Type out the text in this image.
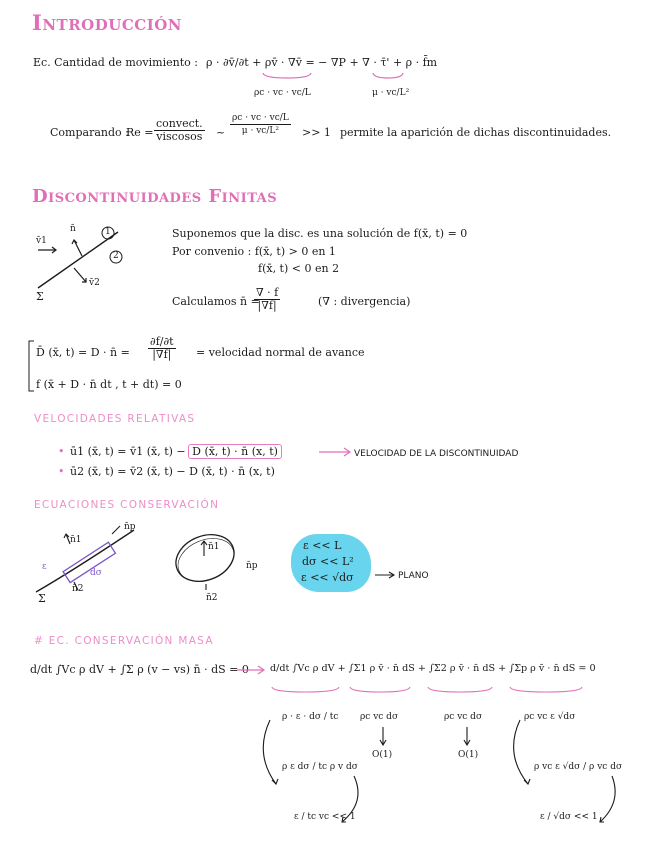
Introducción
Ec. Cantidad de movimiento : ρ · ∂v̄/∂t + ρv̄ · ∇v̄ = − ∇P + ∇ · τ̄' + ρ · f̄m
ρc · vc · vc/L	μ · vc/L²
Comparando :
$Re = \frac{\text{convect.}}{\text{viscosos}}$ ~ $\frac{\rho c \cdot vc \cdot vc/L}{\text{μ · vc/L²}} >> 1$ permite la aparición de dichas discontinuidades.
Discontinuidades Finitas
v̄1
n̄	1
2
v̄2
Σ
Suponemos que la disc. es una solución de f(x̄, t) = 0
Por convenio : f(x̄, t) > 0 en 1
f(x̄, t) < 0 en 2
Calculamos n̄ =
$\frac{\nabla \cdot f}{|\nabla f|}$	(∇ : divergencia)
D̄ (x̄, t) = D · n̄ = $\frac{\partial f/\partial t}{|\nabla f|}$ = velocidad normal de avance
f (x̄ + D · n̄ dt , t + dt) = 0
VELOCIDADES RELATIVAS
• ū1 (x̄, t) = v̄1 (x̄, t) − D (x̄, t) · n̄ (x, t)	VELOCIDAD DE LA DISCONTINUIDAD
• ū2 (x̄, t) = v̄2 (x̄, t) − D (x̄, t) · n̄ (x, t)
ECUACIONES CONSERVACIÓN
n̄p
n̄1
ε
dσ
n̄2
Σ
n̄1
n̄p
n̄2
ε << L
dσ << L²
ε << √dσ	PLANO
# EC. CONSERVACIÓN MASA
d/dt ∫Vc ρ dV + ∫Σ ρ (v − vs) n̄ · dS = 0 d/dt ∫Vc ρ dV + ∫Σ1 ρ v̄ · n̄ dS + ∫Σ2 ρ v̄ · n̄ dS + ∫Σp ρ v̄ · n̄ dS = 0
ρ · ε · dσ / tc
ρ ε dσ / tc ρ v dσ
ε / tc vc << 1
ρc vc dσ
O(1)
ρc vc dσ
O(1)
ρc vc ε √dσ
ρ vc ε √dσ / ρ vc dσ
ε / √dσ << 1
